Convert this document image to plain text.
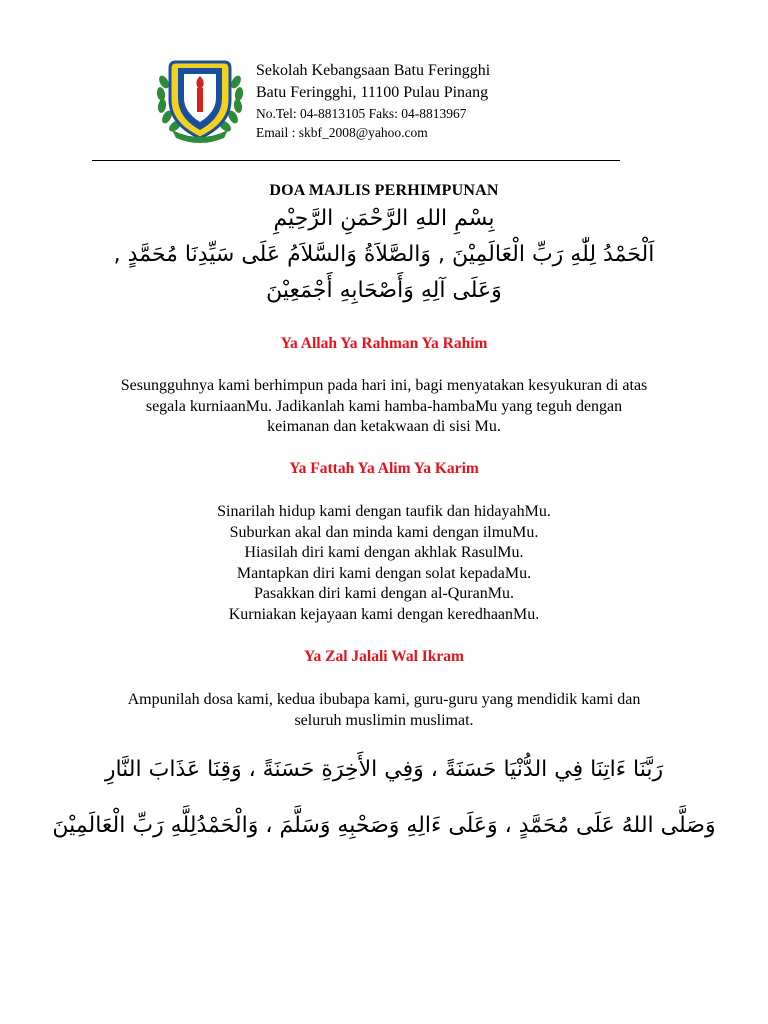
Sekolah Kebangsaan Batu Feringghi
Batu Feringghi, 11100 Pulau Pinang
No.Tel: 04-8813105 Faks: 04-8813967
Email : skbf_2008@yahoo.com
DOA MAJLIS PERHIMPUNAN
بِسْمِ اللهِ الرَّحْمَنِ الرَّحِيْمِ
اَلْحَمْدُ لِلّٰهِ رَبِّ الْعَالَمِيْنَ , وَالصَّلاَةُ وَالسَّلاَمُ عَلَى سَيِّدِنَا مُحَمَّدٍ ,
وَعَلَى آلِهِ وَأَصْحَابِهِ أَجْمَعِيْنَ
Ya Allah Ya Rahman Ya Rahim
Sesungguhnya kami berhimpun pada hari ini, bagi menyatakan kesyukuran di atas
segala kurniaanMu. Jadikanlah kami hamba-hambaMu yang teguh dengan
keimanan dan ketakwaan di sisi Mu.
Ya Fattah Ya Alim Ya Karim
Sinarilah hidup kami dengan taufik dan hidayahMu.
Suburkan akal dan minda kami dengan ilmuMu.
Hiasilah diri kami dengan akhlak RasulMu.
Mantapkan diri kami dengan solat kepadaMu.
Pasakkan diri kami dengan al-QuranMu.
Kurniakan kejayaan kami dengan keredhaanMu.
Ya Zal Jalali Wal Ikram
Ampunilah dosa kami, kedua ibubapa kami, guru-guru yang mendidik kami dan
seluruh muslimin muslimat.
رَبَّنَا ءَاتِنَا فِي الدُّنْيَا حَسَنَةً ، وَفِي الأَخِرَةِ حَسَنَةً ، وَقِنَا عَذَابَ النَّارِ
وَصَلَّى اللهُ عَلَى مُحَمَّدٍ ، وَعَلَى ءَالِهِ وَصَحْبِهِ وَسَلَّمَ ، وَالْحَمْدُلِلَّهِ رَبِّ الْعَالَمِيْنَ
